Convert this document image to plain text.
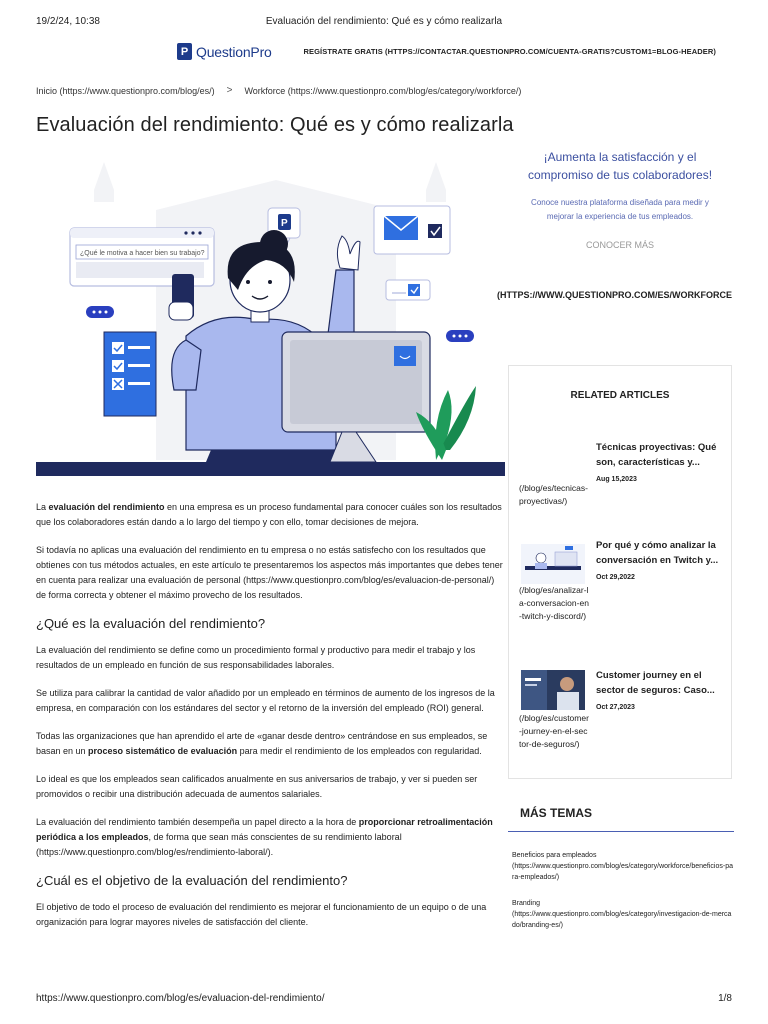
19/2/24, 10:38	Evaluación del rendimiento: Qué es y cómo realizarla
P QuestionPro	REGÍSTRATE GRATIS (HTTPS://CONTACTAR.QUESTIONPRO.COM/CUENTA-GRATIS?CUSTOM1=BLOG-HEADER)
Inicio (https://www.questionpro.com/blog/es/)	>	Workforce (https://www.questionpro.com/blog/es/category/workforce/)
Evaluación del rendimiento: Qué es y cómo realizarla
¿Qué le motiva a hacer bien su trabajo?
P

La evaluación del rendimiento en una empresa es un proceso fundamental para conocer cuáles son los resultados que los colaboradores están dando a lo largo del tiempo y con ello, tomar decisiones de mejora.

Si todavía no aplicas una evaluación del rendimiento en tu empresa o no estás satisfecho con los resultados que obtienes con tus métodos actuales, en este artículo te presentaremos los aspectos más importantes que debes tener en cuenta para realizar una evaluación de personal (https://www.questionpro.com/blog/es/evaluacion-de-personal/) de forma correcta y obtener el máximo provecho de los resultados.

¿Qué es la evaluación del rendimiento?

La evaluación del rendimiento se define como un procedimiento formal y productivo para medir el trabajo y los resultados de un empleado en función de sus responsabilidades laborales.

Se utiliza para calibrar la cantidad de valor añadido por un empleado en términos de aumento de los ingresos de la empresa, en comparación con los estándares del sector y el retorno de la inversión del empleado (ROI) general.

Todas las organizaciones que han aprendido el arte de «ganar desde dentro» centrándose en sus empleados, se basan en un proceso sistemático de evaluación para medir el rendimiento de los empleados con regularidad.

Lo ideal es que los empleados sean calificados anualmente en sus aniversarios de trabajo, y ver si pueden ser promovidos o recibir una distribución adecuada de aumentos salariales.

La evaluación del rendimiento también desempeña un papel directo a la hora de proporcionar retroalimentación periódica a los empleados, de forma que sean más conscientes de su rendimiento laboral (https://www.questionpro.com/blog/es/rendimiento-laboral/).

¿Cuál es el objetivo de la evaluación del rendimiento?

El objetivo de todo el proceso de evaluación del rendimiento es mejorar el funcionamiento de un equipo o de una organización para lograr mayores niveles de satisfacción del cliente.

¡Aumenta la satisfacción y el compromiso de tus colaboradores!
Conoce nuestra plataforma diseñada para medir y mejorar la experiencia de tus empleados.
CONOCER MÁS
(HTTPS://WWW.QUESTIONPRO.COM/ES/WORKFORCE
RELATED ARTICLES
Técnicas proyectivas: Qué son, características y...
Aug 15,2023
(/blog/es/tecnicas-proyectivas/)
Por qué y cómo analizar la conversación en Twitch y...
Oct 29,2022
(/blog/es/analizar-la-conversacion-en-twitch-y-discord/)
Customer journey en el sector de seguros: Caso...
Oct 27,2023
(/blog/es/customer-journey-en-el-sector-de-seguros/)
MÁS TEMAS
Beneficios para empleados
(https://www.questionpro.com/blog/es/category/workforce/beneficios-para-empleados/)
Branding
(https://www.questionpro.com/blog/es/category/investigacion-de-mercado/branding-es/)
https://www.questionpro.com/blog/es/evaluacion-del-rendimiento/	1/8
